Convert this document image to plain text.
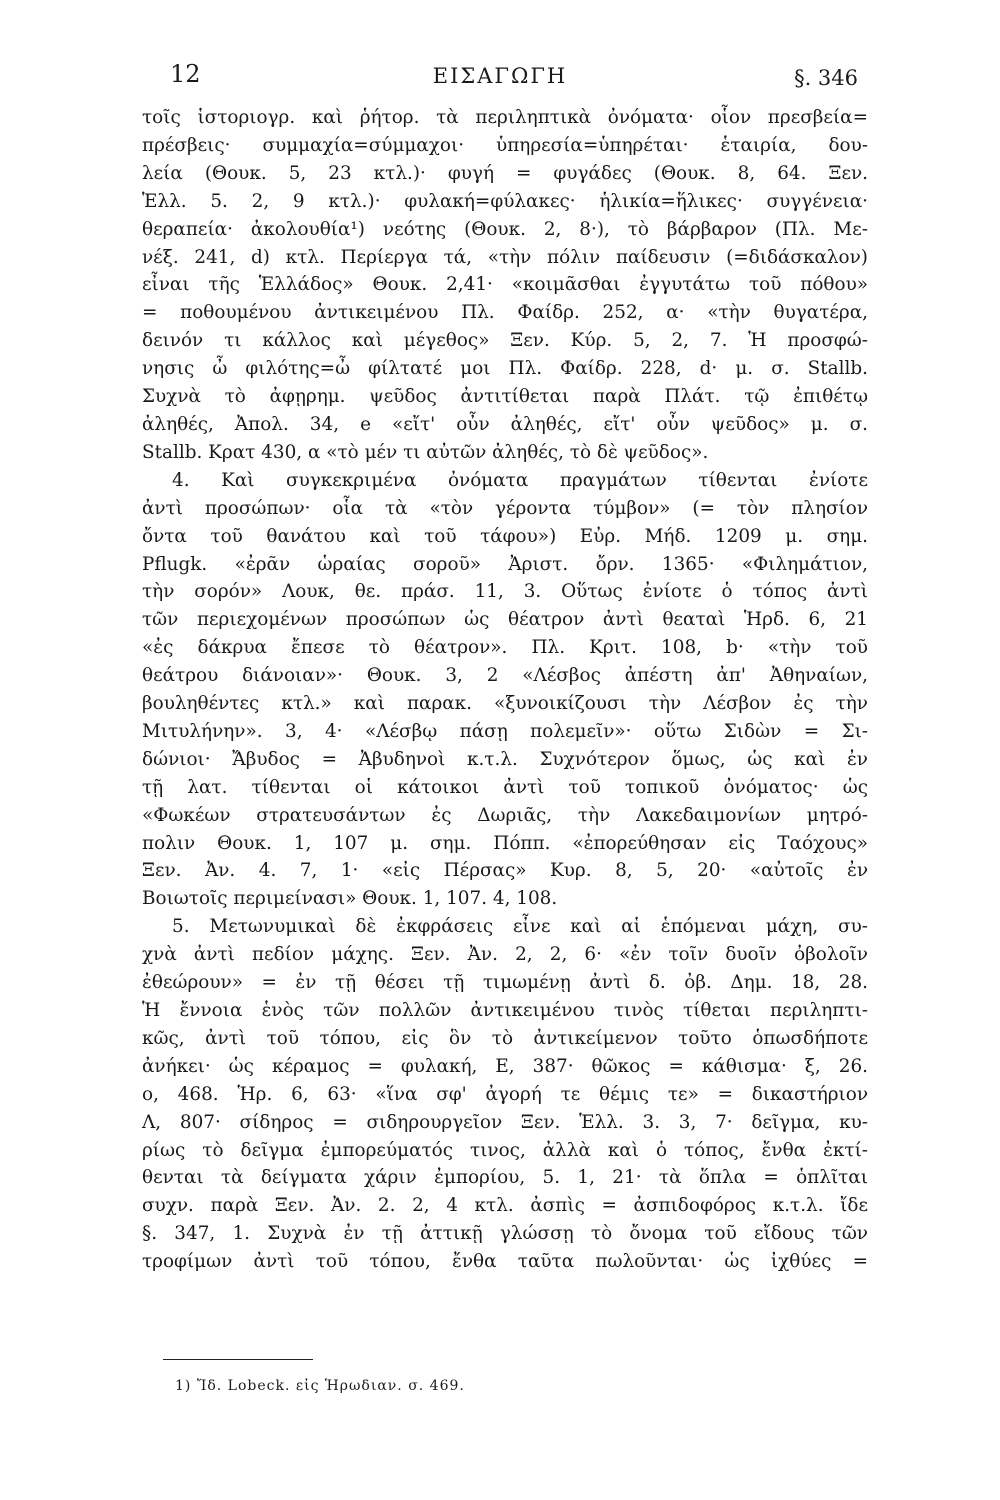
12	ΕΙΣΑΓΩΓΗ	§. 346
τοῖς ἱστοριογρ. καὶ ῥήτορ. τὰ περιληπτικὰ ὀνόματα· οἷον πρεσβεία=
πρέσβεις· συμμαχία=σύμμαχοι· ὑπηρεσία=ὑπηρέται· ἑταιρία, δου-
λεία (Θουκ. 5, 23 κτλ.)· φυγή = φυγάδες (Θουκ. 8, 64. Ξεν.
Ἑλλ. 5. 2, 9 κτλ.)· φυλακή=φύλακες· ἡλικία=ἥλικες· συγγένεια·
θεραπεία· ἀκολουθία¹) νεότης (Θουκ. 2, 8·), τὸ βάρβαρον (Πλ. Με-
νέξ. 241, d) κτλ. Περίεργα τά, «τὴν πόλιν παίδευσιν (=διδάσκαλον)
εἶναι τῆς Ἑλλάδος» Θουκ. 2,41· «κοιμᾶσθαι ἐγγυτάτω τοῦ πόθου»
= ποθουμένου ἀντικειμένου Πλ. Φαίδρ. 252, α· «τὴν θυγατέρα,
δεινόν τι κάλλος καὶ μέγεθος» Ξεν. Κύρ. 5, 2, 7. Ἡ προσφώ-
νησις ὦ φιλότης=ὦ φίλτατέ μοι Πλ. Φαίδρ. 228, d· μ. σ. Stallb.
Συχνὰ τὸ ἀφῃρημ. ψεῦδος ἀντιτίθεται παρὰ Πλάτ. τῷ ἐπιθέτῳ
ἀληθές, Ἀπολ. 34, e «εἴτ' οὖν ἀληθές, εἴτ' οὖν ψεῦδος» μ. σ.
Stallb. Κρατ 430, α «τὸ μέν τι αὐτῶν ἀληθές, τὸ δὲ ψεῦδος».
4. Καὶ συγκεκριμένα ὀνόματα πραγμάτων τίθενται ἐνίοτε
ἀντὶ προσώπων· οἷα τὰ «τὸν γέροντα τύμβον» (= τὸν πλησίον
ὄντα τοῦ θανάτου καὶ τοῦ τάφου») Εὐρ. Μήδ. 1209 μ. σημ.
Pflugk. «ἐρᾶν ὡραίας σοροῦ» Ἀριστ. ὄρν. 1365· «Φιλημάτιον,
τὴν σορόν» Λουκ, θε. πράσ. 11, 3. Οὕτως ἐνίοτε ὁ τόπος ἀντὶ
τῶν περιεχομένων προσώπων ὡς θέατρον ἀντὶ θεαταὶ Ἡρδ. 6, 21
«ἐς δάκρυα ἔπεσε τὸ θέατρον». Πλ. Κριτ. 108, b· «τὴν τοῦ
θεάτρου διάνοιαν»· Θουκ. 3, 2 «Λέσβος ἀπέστη ἀπ' Ἀθηναίων,
βουληθέντες κτλ.» καὶ παρακ. «ξυνοικίζουσι τὴν Λέσβον ἐς τὴν
Μιτυλήνην». 3, 4· «Λέσβῳ πάσῃ πολεμεῖν»· οὕτω Σιδὼν = Σι-
δώνιοι· Ἄβυδος = Ἀβυδηνοὶ κ.τ.λ. Συχνότερον ὅμως, ὡς καὶ ἐν
τῇ λατ. τίθενται οἱ κάτοικοι ἀντὶ τοῦ τοπικοῦ ὀνόματος· ὡς
«Φωκέων στρατευσάντων ἐς Δωριᾶς, τὴν Λακεδαιμονίων μητρό-
πολιν Θουκ. 1, 107 μ. σημ. Πόππ. «ἐπορεύθησαν εἰς Ταόχους»
Ξεν. Ἀν. 4. 7, 1· «εἰς Πέρσας» Κυρ. 8, 5, 20· «αὐτοῖς ἐν
Βοιωτοῖς περιμείνασι» Θουκ. 1, 107. 4, 108.
5. Μετωνυμικαὶ δὲ ἐκφράσεις εἶνε καὶ αἱ ἑπόμεναι μάχη, συ-
χνὰ ἀντὶ πεδίον μάχης. Ξεν. Ἀν. 2, 2, 6· «ἐν τοῖν δυοῖν ὀβολοῖν
ἐθεώρουν» = ἐν τῇ θέσει τῇ τιμωμένῃ ἀντὶ δ. ὀβ. Δημ. 18, 28.
Ἡ ἔννοια ἑνὸς τῶν πολλῶν ἀντικειμένου τινὸς τίθεται περιληπτι-
κῶς, ἀντὶ τοῦ τόπου, εἰς ὃν τὸ ἀντικείμενον τοῦτο ὁπωσδήποτε
ἀνήκει· ὡς κέραμος = φυλακή, Ε, 387· θῶκος = κάθισμα· ξ, 26.
ο, 468. Ἡρ. 6, 63· «ἵνα σφ' ἀγορή τε θέμις τε» = δικαστήριον
Λ, 807· σίδηρος = σιδηρουργεῖον Ξεν. Ἑλλ. 3. 3, 7· δεῖγμα, κυ-
ρίως τὸ δεῖγμα ἐμπορεύματός τινος, ἀλλὰ καὶ ὁ τόπος, ἔνθα ἐκτί-
θενται τὰ δείγματα χάριν ἐμπορίου, 5. 1, 21· τὰ ὅπλα = ὁπλῖται
συχν. παρὰ Ξεν. Ἀν. 2. 2, 4 κτλ. ἀσπὶς = ἀσπιδοφόρος κ.τ.λ. ἴδε
§. 347, 1. Συχνὰ ἐν τῇ ἀττικῇ γλώσσῃ τὸ ὄνομα τοῦ εἴδους τῶν
τροφίμων ἀντὶ τοῦ τόπου, ἔνθα ταῦτα πωλοῦνται· ὡς ἰχθύες =
1) Ἴδ. Lobeck. εἰς Ἡρωδιαν. σ. 469.
